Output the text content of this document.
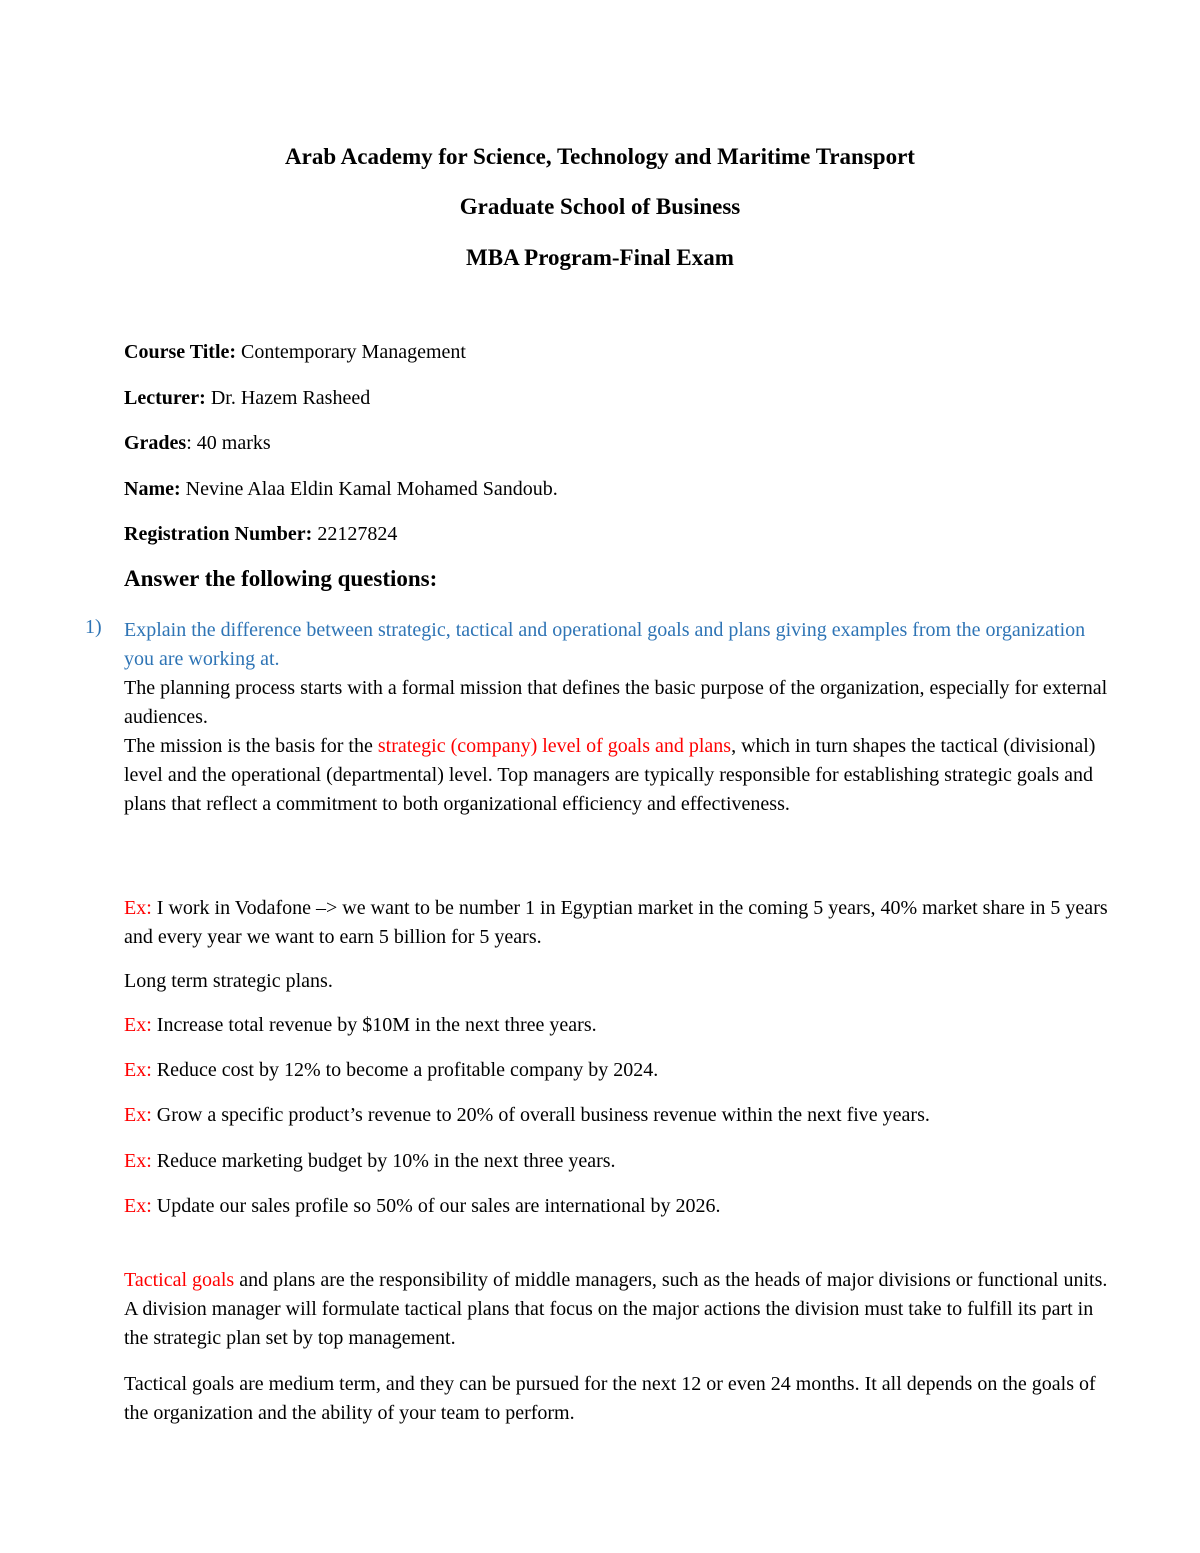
Arab Academy for Science, Technology and Maritime Transport
Graduate School of Business
MBA Program-Final Exam
Course Title: Contemporary Management
Lecturer: Dr. Hazem Rasheed
Grades: 40 marks
Name: Nevine Alaa Eldin Kamal Mohamed Sandoub.
Registration Number: 22127824
Answer the following questions:
1) Explain the difference between strategic, tactical and operational goals and plans giving examples from the organization you are working at.
The planning process starts with a formal mission that defines the basic purpose of the organization, especially for external audiences.
The mission is the basis for the strategic (company) level of goals and plans, which in turn shapes the tactical (divisional) level and the operational (departmental) level. Top managers are typically responsible for establishing strategic goals and plans that reflect a commitment to both organizational efficiency and effectiveness.
Ex: I work in Vodafone –> we want to be number 1 in Egyptian market in the coming 5 years, 40% market share in 5 years and every year we want to earn 5 billion for 5 years.
Long term strategic plans.
Ex: Increase total revenue by $10M in the next three years.
Ex: Reduce cost by 12% to become a profitable company by 2024.
Ex: Grow a specific product’s revenue to 20% of overall business revenue within the next five years.
Ex: Reduce marketing budget by 10% in the next three years.
Ex: Update our sales profile so 50% of our sales are international by 2026.
Tactical goals and plans are the responsibility of middle managers, such as the heads of major divisions or functional units. A division manager will formulate tactical plans that focus on the major actions the division must take to fulfill its part in the strategic plan set by top management.
Tactical goals are medium term, and they can be pursued for the next 12 or even 24 months. It all depends on the goals of the organization and the ability of your team to perform.
